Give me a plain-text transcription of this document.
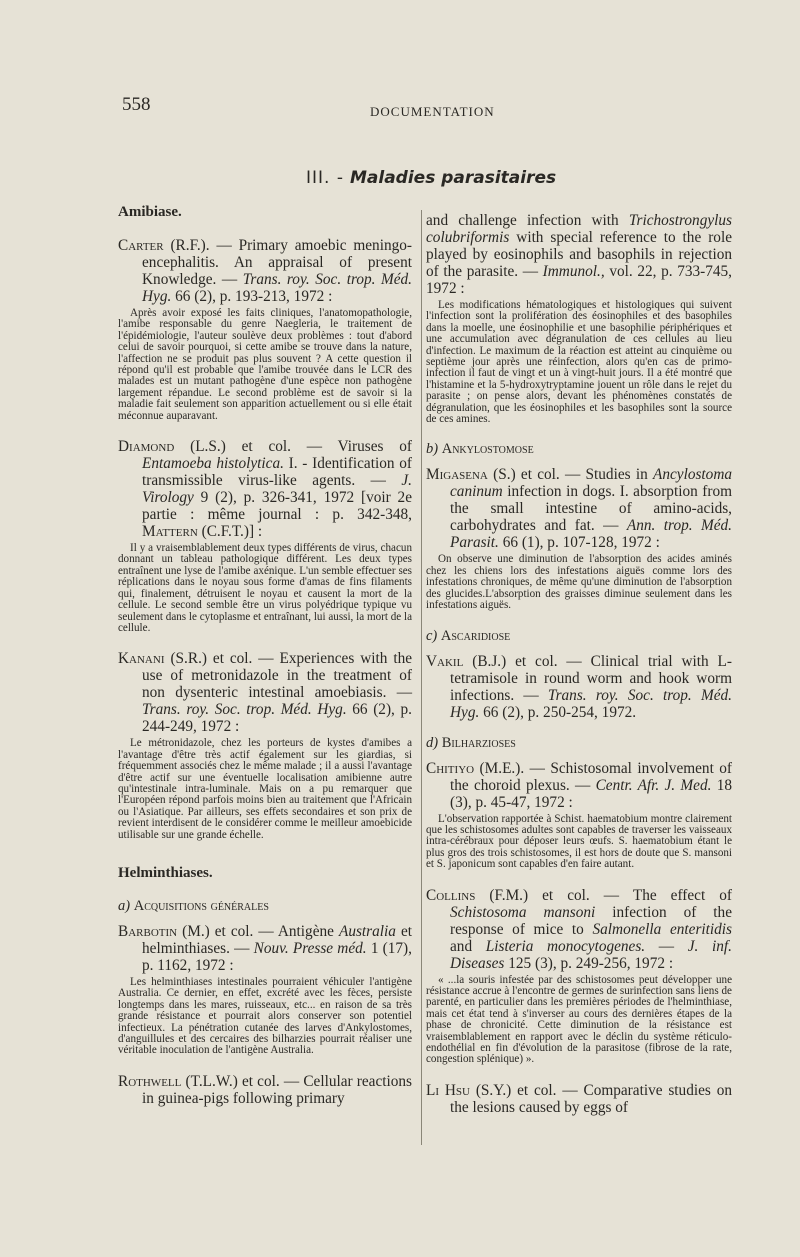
558	DOCUMENTATION
III. - Maladies parasitaires
Amibiase.

Carter (R.F.). — Primary amoebic meningo-encephalitis. An appraisal of present Knowledge. — Trans. roy. Soc. trop. Méd. Hyg. 66 (2), p. 193-213, 1972 :

Après avoir exposé les faits cliniques, l'anatomopathologie, l'amibe responsable du genre Naegleria, le traitement de l'épidémiologie, l'auteur soulève deux problèmes : tout d'abord celui de savoir pourquoi, si cette amibe se trouve dans la nature, l'affection ne se produit pas plus souvent ? A cette question il répond qu'il est probable que l'amibe trouvée dans le LCR des malades est un mutant pathogène d'une espèce non pathogène largement répandue. Le second problème est de savoir si la maladie fait seulement son apparition actuellement ou si elle était méconnue auparavant.

Diamond (L.S.) et col. — Viruses of Entamoeba histolytica. I. - Identification of transmissible virus-like agents. — J. Virology 9 (2), p. 326-341, 1972 [voir 2e partie : même journal : p. 342-348, Mattern (C.F.T.)] :

Il y a vraisemblablement deux types différents de virus, chacun donnant un tableau pathologique différent. Les deux types entraînent une lyse de l'amibe axénique. L'un semble effectuer ses réplications dans le noyau sous forme d'amas de fins filaments qui, finalement, détruisent le noyau et causent la mort de la cellule. Le second semble être un virus polyédrique typique vu seulement dans le cytoplasme et entraînant, lui aussi, la mort de la cellule.

Kanani (S.R.) et col. — Experiences with the use of metronidazole in the treatment of non dysenteric intestinal amoebiasis. — Trans. roy. Soc. trop. Méd. Hyg. 66 (2), p. 244-249, 1972 :

Le métronidazole, chez les porteurs de kystes d'amibes a l'avantage d'être très actif également sur les giardias, si fréquemment associés chez le même malade ; il a aussi l'avantage d'être actif sur une éventuelle localisation amibienne autre qu'intestinale intra-luminale. Mais on a pu remarquer que l'Européen répond parfois moins bien au traitement que l'Africain ou l'Asiatique. Par ailleurs, ses effets secondaires et son prix de revient interdisent de le considérer comme le meilleur amoebicide utilisable sur une grande échelle.

Helminthiases.
a) Acquisitions générales

Barbotin (M.) et col. — Antigène Australia et helminthiases. — Nouv. Presse méd. 1 (17), p. 1162, 1972 :

Les helminthiases intestinales pourraient véhiculer l'antigène Australia. Ce dernier, en effet, excrété avec les fèces, persiste longtemps dans les mares, ruisseaux, etc... en raison de sa très grande résistance et pourrait alors conserver son potentiel infectieux. La pénétration cutanée des larves d'Ankylostomes, d'anguillules et des cercaires des bilharzies pourrait réaliser une véritable inoculation de l'antigène Australia.

Rothwell (T.L.W.) et col. — Cellular reactions in guinea-pigs following primary

and challenge infection with Trichostrongylus colubriformis with special reference to the role played by eosinophils and basophils in rejection of the parasite. — Immunol., vol. 22, p. 733-745, 1972 :

Les modifications hématologiques et histologiques qui suivent l'infection sont la prolifération des éosinophiles et des basophiles dans la moelle, une éosinophilie et une basophilie périphériques et une accumulation avec dégranulation de ces cellules au lieu d'infection. Le maximum de la réaction est atteint au cinquième ou septième jour après une réinfection, alors qu'en cas de primo-infection il faut de vingt et un à vingt-huit jours. Il a été montré que l'histamine et la 5-hydroxytryptamine jouent un rôle dans le rejet du parasite ; on pense alors, devant les phénomènes constatés de dégranulation, que les éosinophiles et les basophiles sont la source de ces amines.

b) Ankylostomose

Migasena (S.) et col. — Studies in Ancylostoma caninum infection in dogs. I. absorption from the small intestine of amino-acids, carbohydrates and fat. — Ann. trop. Méd. Parasit. 66 (1), p. 107-128, 1972 :

On observe une diminution de l'absorption des acides aminés chez les chiens lors des infestations aiguës comme lors des infestations chroniques, de même qu'une diminution de l'absorption des glucides.L'absorption des graisses diminue seulement dans les infestations aiguës.

c) Ascaridiose

Vakil (B.J.) et col. — Clinical trial with L-tetramisole in round worm and hook worm infections. — Trans. roy. Soc. trop. Méd. Hyg. 66 (2), p. 250-254, 1972.

d) Bilharzioses

Chitiyo (M.E.). — Schistosomal involvement of the choroid plexus. — Centr. Afr. J. Med. 18 (3), p. 45-47, 1972 :

L'observation rapportée à Schist. haematobium montre clairement que les schistosomes adultes sont capables de traverser les vaisseaux intra-cérébraux pour déposer leurs œufs. S. haematobium étant le plus gros des trois schistosomes, il est hors de doute que S. mansoni et S. japonicum sont capables d'en faire autant.

Collins (F.M.) et col. — The effect of Schistosoma mansoni infection of the response of mice to Salmonella enteritidis and Listeria monocytogenes. — J. inf. Diseases 125 (3), p. 249-256, 1972 :

« ...la souris infestée par des schistosomes peut développer une résistance accrue à l'encontre de germes de surinfection sans liens de parenté, en particulier dans les premières périodes de l'helminthiase, mais cet état tend à s'inverser au cours des dernières étapes de la phase de chronicité. Cette diminution de la résistance est vraisemblablement en rapport avec le déclin du système réticulo-endothélial en fin d'évolution de la parasitose (fibrose de la rate, congestion splénique) ».

Li Hsu (S.Y.) et col. — Comparative studies on the lesions caused by eggs of
